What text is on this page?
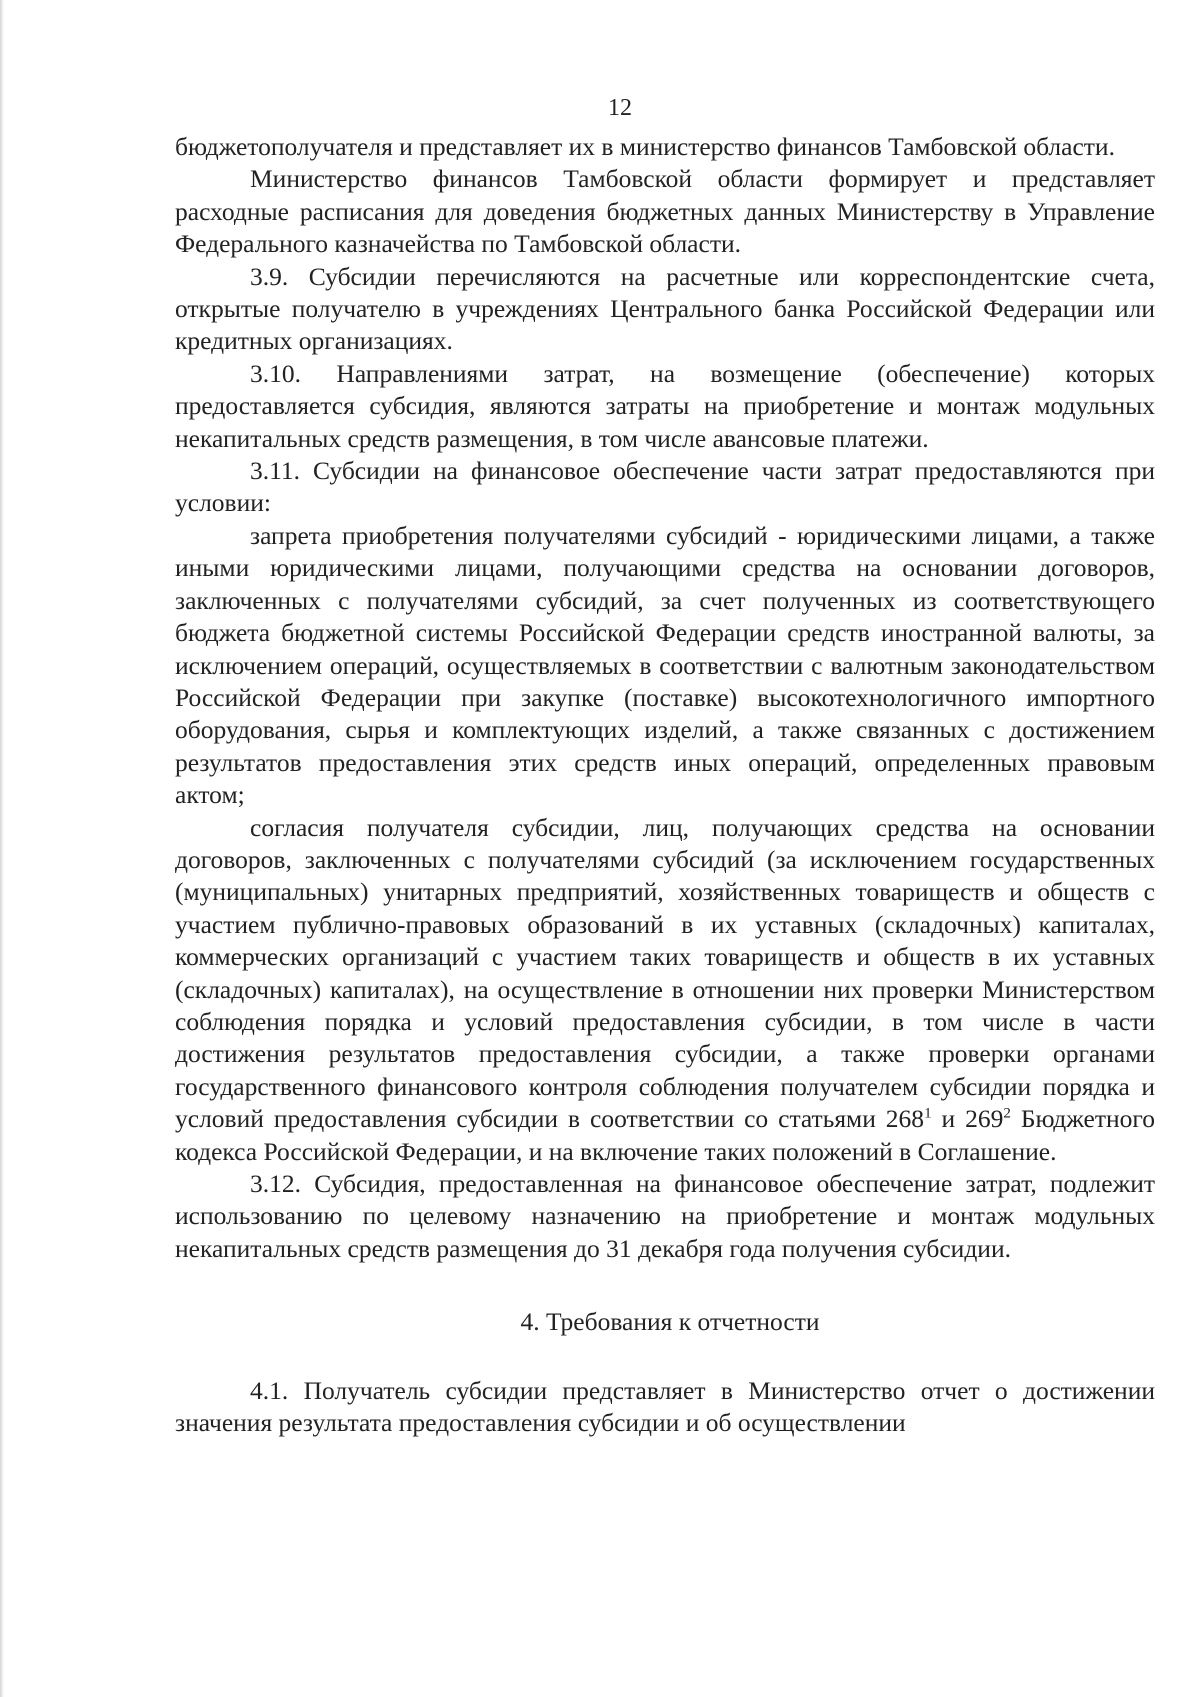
12

бюджетополучателя и представляет их в министерство финансов Тамбовской области.

Министерство финансов Тамбовской области формирует и представляет расходные расписания для доведения бюджетных данных Министерству в Управление Федерального казначейства по Тамбовской области.

3.9. Субсидии перечисляются на расчетные или корреспондентские счета, открытые получателю в учреждениях Центрального банка Российской Федерации или кредитных организациях.

3.10. Направлениями затрат, на возмещение (обеспечение) которых предоставляется субсидия, являются затраты на приобретение и монтаж модульных некапитальных средств размещения, в том числе авансовые платежи.

3.11. Субсидии на финансовое обеспечение части затрат предоставляются при условии:

запрета приобретения получателями субсидий - юридическими лицами, а также иными юридическими лицами, получающими средства на основании договоров, заключенных с получателями субсидий, за счет полученных из соответствующего бюджета бюджетной системы Российской Федерации средств иностранной валюты, за исключением операций, осуществляемых в соответствии с валютным законодательством Российской Федерации при закупке (поставке) высокотехнологичного импортного оборудования, сырья и комплектующих изделий, а также связанных с достижением результатов предоставления этих средств иных операций, определенных правовым актом;

согласия получателя субсидии, лиц, получающих средства на основании договоров, заключенных с получателями субсидий (за исключением государственных (муниципальных) унитарных предприятий, хозяйственных товариществ и обществ с участием публично-правовых образований в их уставных (складочных) капиталах, коммерческих организаций с участием таких товариществ и обществ в их уставных (складочных) капиталах), на осуществление в отношении них проверки Министерством соблюдения порядка и условий предоставления субсидии, в том числе в части достижения результатов предоставления субсидии, а также проверки органами государственного финансового контроля соблюдения получателем субсидии порядка и условий предоставления субсидии в соответствии со статьями $268^1$ и $269^2$ Бюджетного кодекса Российской Федерации, и на включение таких положений в Соглашение.

3.12. Субсидия, предоставленная на финансовое обеспечение затрат, подлежит использованию по целевому назначению на приобретение и монтаж модульных некапитальных средств размещения до 31 декабря года получения субсидии.

4. Требования к отчетности

4.1. Получатель субсидии представляет в Министерство отчет о достижении значения результата предоставления субсидии и об осуществлении
